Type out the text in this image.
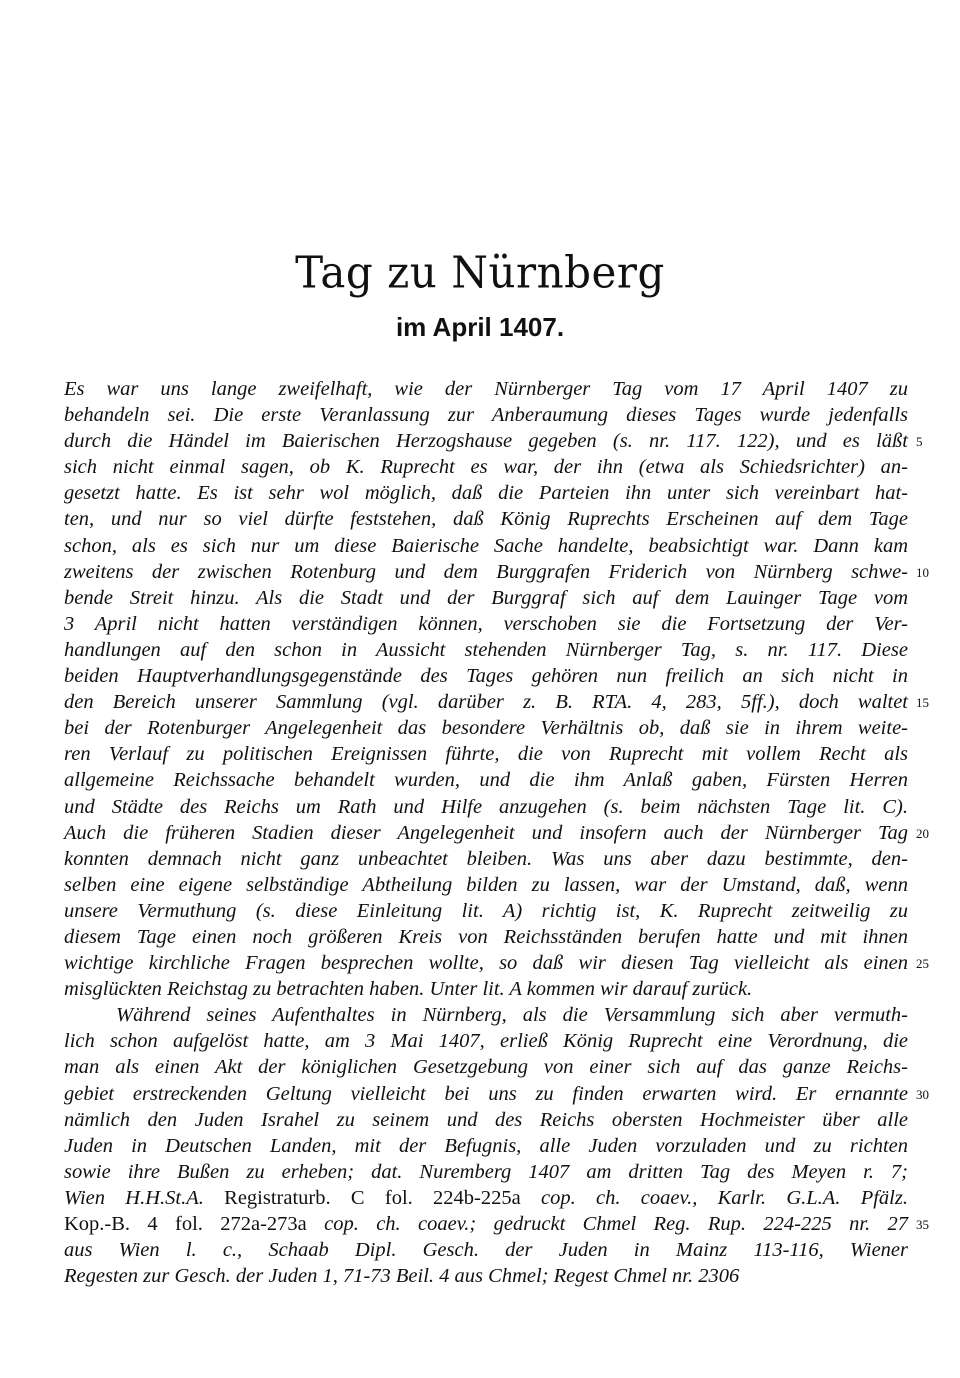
Tag zu Nürnberg
im April 1407.
Es war uns lange zweifelhaft, wie der Nürnberger Tag vom 17 April 1407 zu
behandeln sei. Die erste Veranlassung zur Anberaumung dieses Tages wurde jedenfalls
durch die Händel im Baierischen Herzogshause gegeben (s. nr. 117. 122), und es läßt
sich nicht einmal sagen, ob K. Ruprecht es war, der ihn (etwa als Schiedsrichter) an-
gesetzt hatte. Es ist sehr wol möglich, daß die Parteien ihn unter sich vereinbart hat-
ten, und nur so viel dürfte feststehen, daß König Ruprechts Erscheinen auf dem Tage
schon, als es sich nur um diese Baierische Sache handelte, beabsichtigt war. Dann kam
zweitens der zwischen Rotenburg und dem Burggrafen Friderich von Nürnberg schwe-
bende Streit hinzu. Als die Stadt und der Burggraf sich auf dem Lauinger Tage vom
3 April nicht hatten verständigen können, verschoben sie die Fortsetzung der Ver-
handlungen auf den schon in Aussicht stehenden Nürnberger Tag, s. nr. 117. Diese
beiden Hauptverhandlungsgegenstände des Tages gehören nun freilich an sich nicht in
den Bereich unserer Sammlung (vgl. darüber z. B. RTA. 4, 283, 5ff.), doch waltet
bei der Rotenburger Angelegenheit das besondere Verhältnis ob, daß sie in ihrem weite-
ren Verlauf zu politischen Ereignissen führte, die von Ruprecht mit vollem Recht als
allgemeine Reichssache behandelt wurden, und die ihm Anlaß gaben, Fürsten Herren
und Städte des Reichs um Rath und Hilfe anzugehen (s. beim nächsten Tage lit. C).
Auch die früheren Stadien dieser Angelegenheit und insofern auch der Nürnberger Tag
konnten demnach nicht ganz unbeachtet bleiben. Was uns aber dazu bestimmte, den-
selben eine eigene selbständige Abtheilung bilden zu lassen, war der Umstand, daß, wenn
unsere Vermuthung (s. diese Einleitung lit. A) richtig ist, K. Ruprecht zeitweilig zu
diesem Tage einen noch größeren Kreis von Reichsständen berufen hatte und mit ihnen
wichtige kirchliche Fragen besprechen wollte, so daß wir diesen Tag vielleicht als einen
misglückten Reichstag zu betrachten haben. Unter lit. A kommen wir darauf zurück.
Während seines Aufenthaltes in Nürnberg, als die Versammlung sich aber vermuth-
lich schon aufgelöst hatte, am 3 Mai 1407, erließ König Ruprecht eine Verordnung, die
man als einen Akt der königlichen Gesetzgebung von einer sich auf das ganze Reichs-
gebiet erstreckenden Geltung vielleicht bei uns zu finden erwarten wird. Er ernannte
nämlich den Juden Israhel zu seinem und des Reichs obersten Hochmeister über alle
Juden in Deutschen Landen, mit der Befugnis, alle Juden vorzuladen und zu richten
sowie ihre Bußen zu erheben; dat. Nuremberg 1407 am dritten Tag des Meyen r. 7;
Wien H.H.St.A. Registraturb. C fol. 224b-225a cop. ch. coaev., Karlr. G.L.A. Pfälz.
Kop.-B. 4 fol. 272a-273a cop. ch. coaev.; gedruckt Chmel Reg. Rup. 224-225 nr. 27
aus Wien l. c., Schaab Dipl. Gesch. der Juden in Mainz 113-116, Wiener
Regesten zur Gesch. der Juden 1, 71-73 Beil. 4 aus Chmel; Regest Chmel nr. 2306
5
10
15
20
25
30
35
